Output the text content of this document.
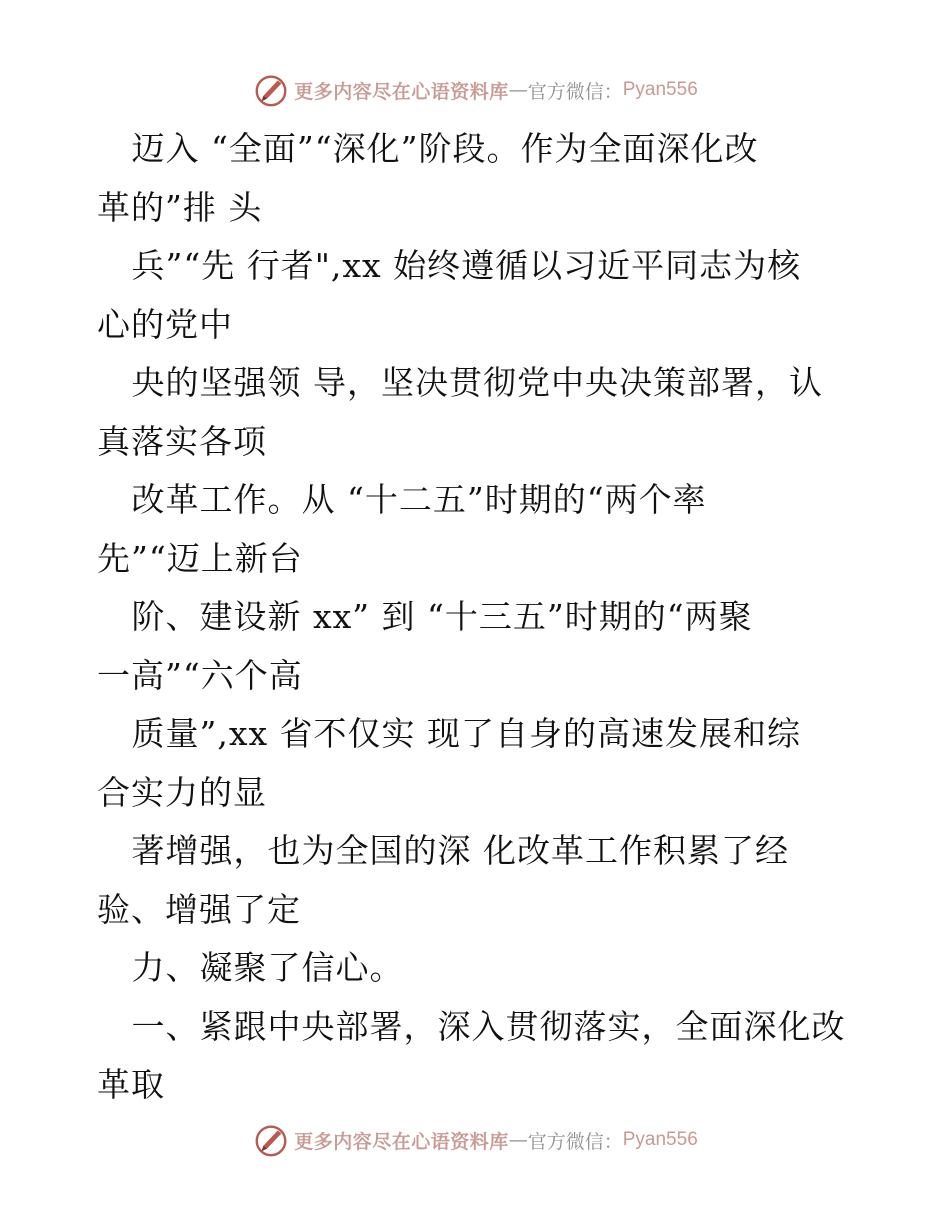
更多内容尽在心语资料库 — 官方微信： Pyan556
迈入 “全面”“深化”阶段。作为全面深化改
革的”排 头
兵”“先 行者",xx 始终遵循以习近平同志为核
心的党中
央的坚强领 导，坚决贯彻党中央决策部署，认
真落实各项
改革工作。从 “十二五”时期的“两个率
先”“迈上新台
阶、建设新 xx” 到 “十三五”时期的“两聚
一高”“六个高
质量”,xx 省不仅实 现了自身的高速发展和综
合实力的显
著增强，也为全国的深 化改革工作积累了经
验、增强了定
力、凝聚了信心。
一、紧跟中央部署，深入贯彻落实，全面深化改
革取
更多内容尽在心语资料库 — 官方微信： Pyan556
